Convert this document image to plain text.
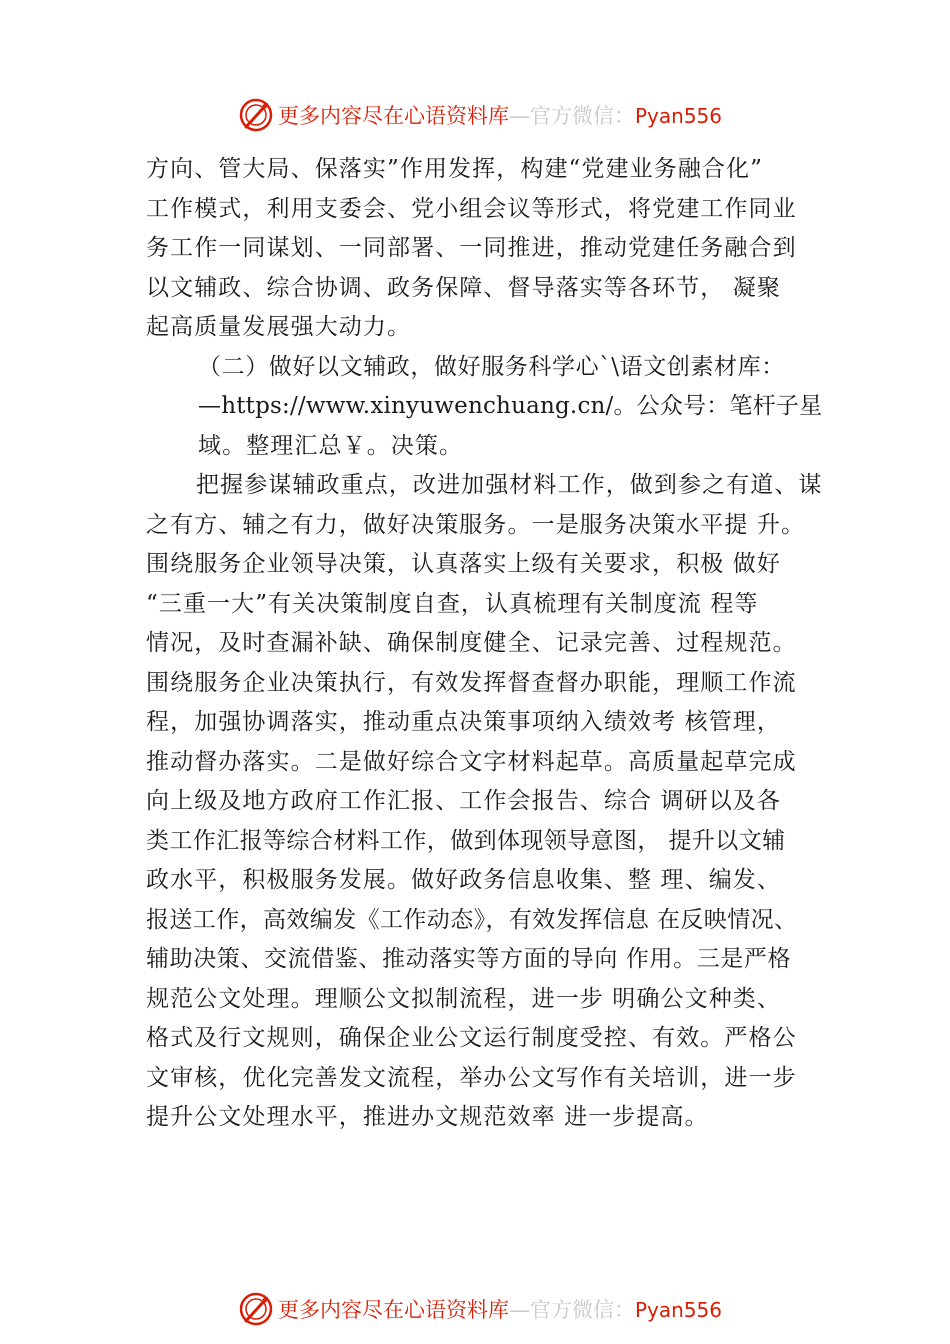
更多内容尽在心语资料库—官方微信：Pyan556
方向、管大局、保落实”作用发挥，构建“党建业务融合化”
工作模式，利用支委会、党小组会议等形式，将党建工作同业
务工作一同谋划、一同部署、一同推进，推动党建任务融合到
以文辅政、综合协调、政务保障、督导落实等各环节， 凝聚
起高质量发展强大动力。
（二）做好以文辅政，做好服务科学心`\语文创素材库：
—https://www.xinyuwenchuang.cn/。公众号：笔杆子星
域。整理汇总￥。决策。
把握参谋辅政重点，改进加强材料工作，做到参之有道、谋
之有方、辅之有力，做好决策服务。一是服务决策水平提 升。
围绕服务企业领导决策，认真落实上级有关要求，积极 做好
“三重一大”有关决策制度自查，认真梳理有关制度流 程等
情况，及时查漏补缺、确保制度健全、记录完善、过程规范。
围绕服务企业决策执行，有效发挥督查督办职能，理顺工作流
程，加强协调落实，推动重点决策事项纳入绩效考 核管理，
推动督办落实。二是做好综合文字材料起草。高质量起草完成
向上级及地方政府工作汇报、工作会报告、综合 调研以及各
类工作汇报等综合材料工作，做到体现领导意图， 提升以文辅
政水平，积极服务发展。做好政务信息收集、整 理、编发、
报送工作，高效编发《工作动态》，有效发挥信息 在反映情况、
辅助决策、交流借鉴、推动落实等方面的导向 作用。三是严格
规范公文处理。理顺公文拟制流程，进一步 明确公文种类、
格式及行文规则，确保企业公文运行制度受控、有效。严格公
文审核，优化完善发文流程，举办公文写作有关培训，进一步
提升公文处理水平，推进办文规范效率 进一步提高。
更多内容尽在心语资料库—官方微信：Pyan556
